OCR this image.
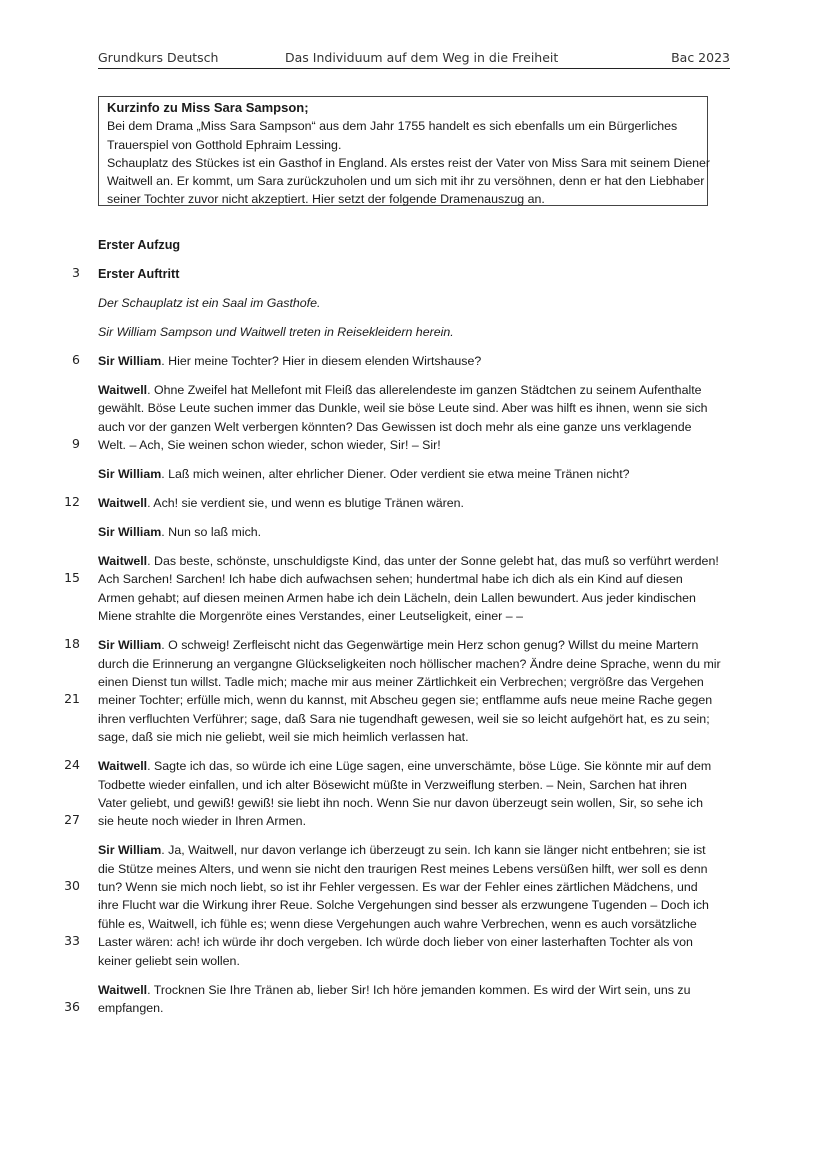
Grundkurs Deutsch	Das Individuum auf dem Weg in die Freiheit	Bac 2023
Kurzinfo zu Miss Sara Sampson;
Bei dem Drama „Miss Sara Sampson“ aus dem Jahr 1755 handelt es sich ebenfalls um ein Bürgerliches
Trauerspiel von Gotthold Ephraim Lessing.
Schauplatz des Stückes ist ein Gasthof in England. Als erstes reist der Vater von Miss Sara mit seinem Diener
Waitwell an. Er kommt, um Sara zurückzuholen und um sich mit ihr zu versöhnen, denn er hat den Liebhaber
seiner Tochter zuvor nicht akzeptiert. Hier setzt der folgende Dramenauszug an.
Erster Aufzug
3 Erster Auftritt
Der Schauplatz ist ein Saal im Gasthofe.
Sir William Sampson und Waitwell treten in Reisekleidern herein.
6 Sir William. Hier meine Tochter? Hier in diesem elenden Wirtshause?
9
Waitwell. Ohne Zweifel hat Mellefont mit Fleiß das allerelendeste im ganzen Städtchen zu seinem Aufenthalte
gewählt. Böse Leute suchen immer das Dunkle, weil sie böse Leute sind. Aber was hilft es ihnen, wenn sie sich
auch vor der ganzen Welt verbergen könnten? Das Gewissen ist doch mehr als eine ganze uns verklagende
Welt. – Ach, Sie weinen schon wieder, schon wieder, Sir! – Sir!
Sir William. Laß mich weinen, alter ehrlicher Diener. Oder verdient sie etwa meine Tränen nicht?
12 Waitwell. Ach! sie verdient sie, und wenn es blutige Tränen wären.
Sir William. Nun so laß mich.
15
Waitwell. Das beste, schönste, unschuldigste Kind, das unter der Sonne gelebt hat, das muß so verführt werden!
Ach Sarchen! Sarchen! Ich habe dich aufwachsen sehen; hundertmal habe ich dich als ein Kind auf diesen
Armen gehabt; auf diesen meinen Armen habe ich dein Lächeln, dein Lallen bewundert. Aus jeder kindischen
Miene strahlte die Morgenröte eines Verstandes, einer Leutseligkeit, einer – –
18
21
Sir William. O schweig! Zerfleischt nicht das Gegenwärtige mein Herz schon genug? Willst du meine Martern
durch die Erinnerung an vergangne Glückseligkeiten noch höllischer machen? Ändre deine Sprache, wenn du mir
einen Dienst tun willst. Tadle mich; mache mir aus meiner Zärtlichkeit ein Verbrechen; vergrößre das Vergehen
meiner Tochter; erfülle mich, wenn du kannst, mit Abscheu gegen sie; entflamme aufs neue meine Rache gegen
ihren verfluchten Verführer; sage, daß Sara nie tugendhaft gewesen, weil sie so leicht aufgehört hat, es zu sein;
sage, daß sie mich nie geliebt, weil sie mich heimlich verlassen hat.
24
27
Waitwell. Sagte ich das, so würde ich eine Lüge sagen, eine unverschämte, böse Lüge. Sie könnte mir auf dem
Todbette wieder einfallen, und ich alter Bösewicht müßte in Verzweiflung sterben. – Nein, Sarchen hat ihren
Vater geliebt, und gewiß! gewiß! sie liebt ihn noch. Wenn Sie nur davon überzeugt sein wollen, Sir, so sehe ich
sie heute noch wieder in Ihren Armen.
30
33
Sir William. Ja, Waitwell, nur davon verlange ich überzeugt zu sein. Ich kann sie länger nicht entbehren; sie ist
die Stütze meines Alters, und wenn sie nicht den traurigen Rest meines Lebens versüßen hilft, wer soll es denn
tun? Wenn sie mich noch liebt, so ist ihr Fehler vergessen. Es war der Fehler eines zärtlichen Mädchens, und
ihre Flucht war die Wirkung ihrer Reue. Solche Vergehungen sind besser als erzwungene Tugenden – Doch ich
fühle es, Waitwell, ich fühle es; wenn diese Vergehungen auch wahre Verbrechen, wenn es auch vorsätzliche
Laster wären: ach! ich würde ihr doch vergeben. Ich würde doch lieber von einer lasterhaften Tochter als von
keiner geliebt sein wollen.
36
Waitwell. Trocknen Sie Ihre Tränen ab, lieber Sir! Ich höre jemanden kommen. Es wird der Wirt sein, uns zu
empfangen.
